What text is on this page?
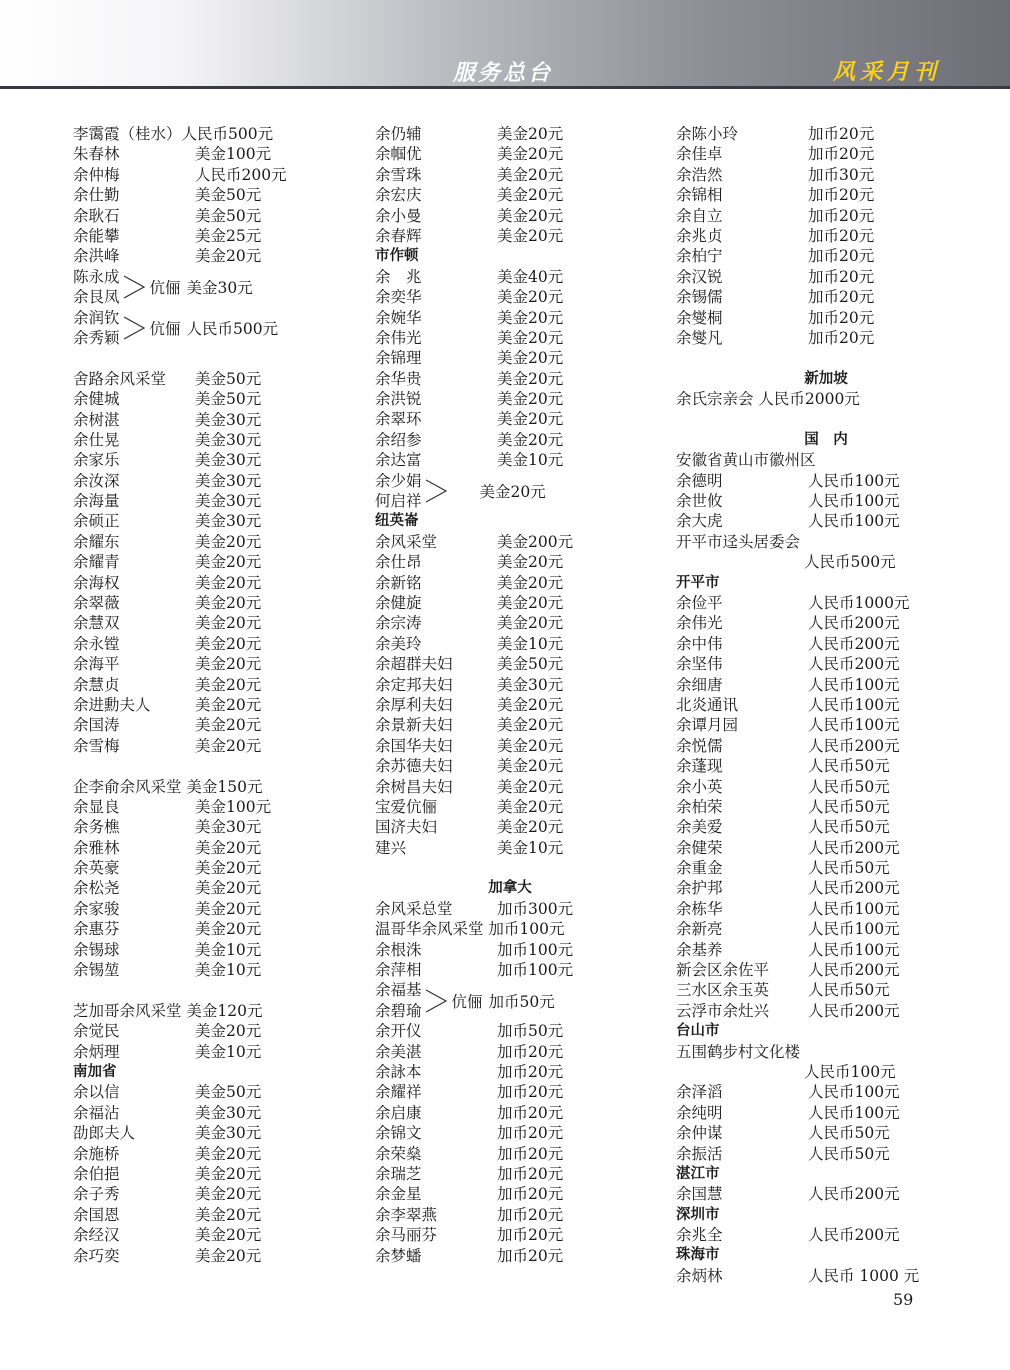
服务总台	风采月刊
李霭霞（桂水）人民币500元
朱春林	美金100元
余仲梅	人民币200元
余仕勤	美金50元
余耿石	美金50元
余能攀	美金25元
余洪峰	美金20元
陈永成
余艮凤 伉俪 美金30元
余润钦
余秀颖 伉俪 人民币500元
舍路余风采堂	美金50元
余健城	美金50元
余树湛	美金30元
余仕晃	美金30元
余家乐	美金30元
余汝深	美金30元
余海量	美金30元
余硕正	美金30元
余耀东	美金20元
余耀青	美金20元
余海权	美金20元
余翠薇	美金20元
余慧双	美金20元
余永镗	美金20元
余海平	美金20元
余慧贞	美金20元
余进勳夫人	美金20元
余国涛	美金20元
余雪梅	美金20元
企李俞余风采堂 美金150元
余显良	美金100元
余务樵	美金30元
余雅林	美金20元
余英豪	美金20元
余松尧	美金20元
余家骏	美金20元
余惠芬	美金20元
余锡球	美金10元
余锡堃	美金10元
芝加哥余风采堂 美金120元
余觉民	美金20元
余炳理	美金10元
南加省
余以信	美金50元
余福沾	美金30元
劭郎夫人	美金30元
余施桥	美金20元
余伯挹	美金20元
余子秀	美金20元
余国恩	美金20元
余经汉	美金20元
余巧奕	美金20元
余仍辅	美金20元
余帼优	美金20元
余雪珠	美金20元
余宏庆	美金20元
余小曼	美金20元
余春辉	美金20元
市作顿
余　兆	美金40元
余奕华	美金20元
余婉华	美金20元
余伟光	美金20元
余锦理	美金20元
余华贵	美金20元
余洪锐	美金20元
余翠环	美金20元
余绍参	美金20元
余达富	美金10元
余少娟
何启祥	美金20元
纽英崙
余风采堂	美金200元
余仕昂	美金20元
余新铭	美金20元
余健旋	美金20元
余宗涛	美金20元
余美玲	美金10元
余超群夫妇	美金50元
余定邦夫妇	美金30元
余厚利夫妇	美金20元
余景新夫妇	美金20元
余国华夫妇	美金20元
余苏德夫妇	美金20元
余树昌夫妇	美金20元
宝爱伉俪	美金20元
国济夫妇	美金20元
建兴	美金10元
加拿大
余风采总堂	加币300元
温哥华余风采堂 加币100元
余根洙	加币100元
余萍相	加币100元
余福基
余碧瑜 伉俪 加币50元
余开仪	加币50元
余美湛	加币20元
余詠本	加币20元
余耀祥	加币20元
余启康	加币20元
余锦文	加币20元
余荣燊	加币20元
余瑞芝	加币20元
余金星	加币20元
余李翠燕	加币20元
余马丽芬	加币20元
余梦蟠	加币20元
余陈小玲	加币20元
余佳卓	加币20元
余浩然	加币30元
余锦相	加币20元
余自立	加币20元
余兆贞	加币20元
余柏宁	加币20元
余汉锐	加币20元
余锡儒	加币20元
余燮桐	加币20元
余燮凡	加币20元
新加坡
余氏宗亲会 人民币2000元
国　内
安徽省黄山市徽州区
余德明	人民币100元
余世攸	人民币100元
余大虎	人民币100元
开平市迳头居委会
人民币500元
开平市
余俭平	人民币1000元
余伟光	人民币200元
余中伟	人民币200元
余坚伟	人民币200元
余细唐	人民币100元
北炎通讯	人民币100元
余谭月园	人民币100元
余悦儒	人民币200元
余蓬现	人民币50元
余小英	人民币50元
余柏荣	人民币50元
余美爱	人民币50元
余健荣	人民币200元
余重金	人民币50元
余护邦	人民币200元
余栋华	人民币100元
余新亮	人民币100元
余基养	人民币100元
新会区余佐平	人民币200元
三水区余玉英	人民币50元
云浮市余灶兴	人民币200元
台山市
五围鹤步村文化楼
人民币100元
余泽滔	人民币100元
余纯明	人民币100元
余仲谋	人民币50元
余振活	人民币50元
湛江市
余国慧	人民币200元
深圳市
余兆全	人民币200元
珠海市
余炳林	人民币 1000 元
59
